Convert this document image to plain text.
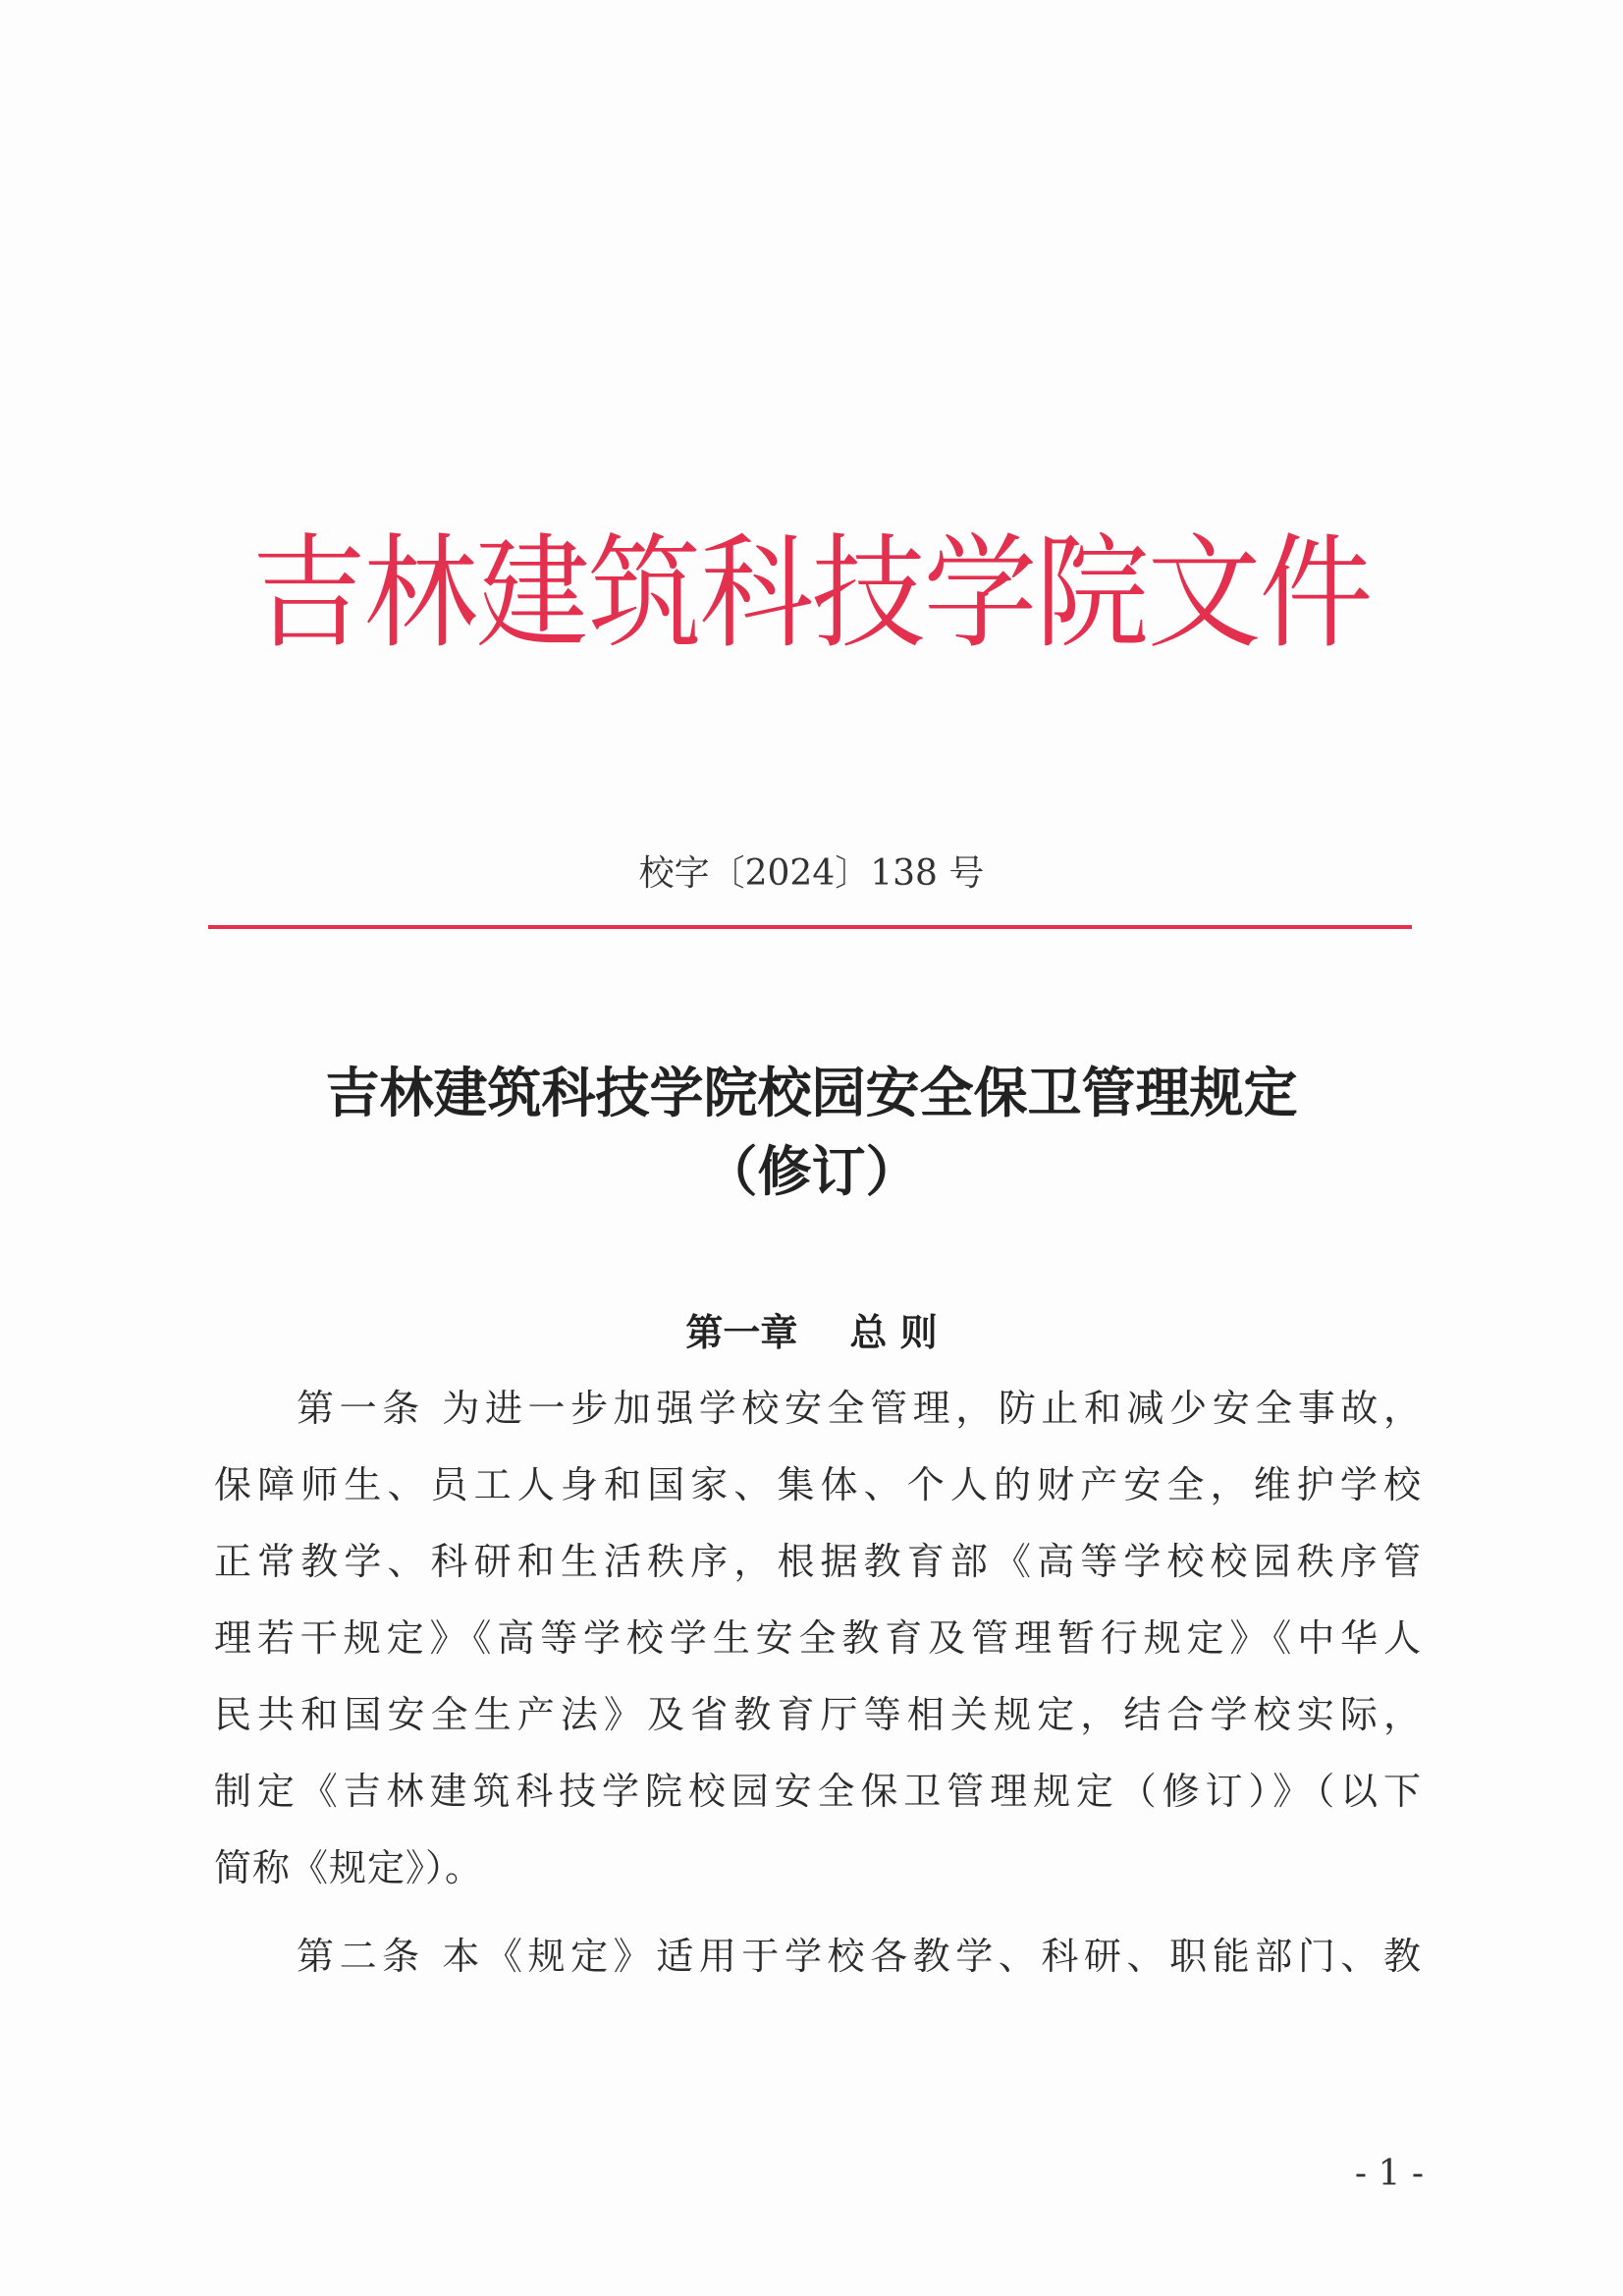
吉林建筑科技学院文件
校字〔2024〕138 号
吉林建筑科技学院校园安全保卫管理规定
（修订）
第一章    总 则
第一条 为进一步加强学校安全管理，防止和减少安全事故，
保障师生、员工人身和国家、集体、个人的财产安全，维护学校
正常教学、科研和生活秩序，根据教育部《高等学校校园秩序管
理若干规定》《高等学校学生安全教育及管理暂行规定》《中华人
民共和国安全生产法》及省教育厅等相关规定，结合学校实际，
制定《吉林建筑科技学院校园安全保卫管理规定（修订）》（以下
简称《规定》）。
第二条 本《规定》适用于学校各教学、科研、职能部门、教
- 1 -
